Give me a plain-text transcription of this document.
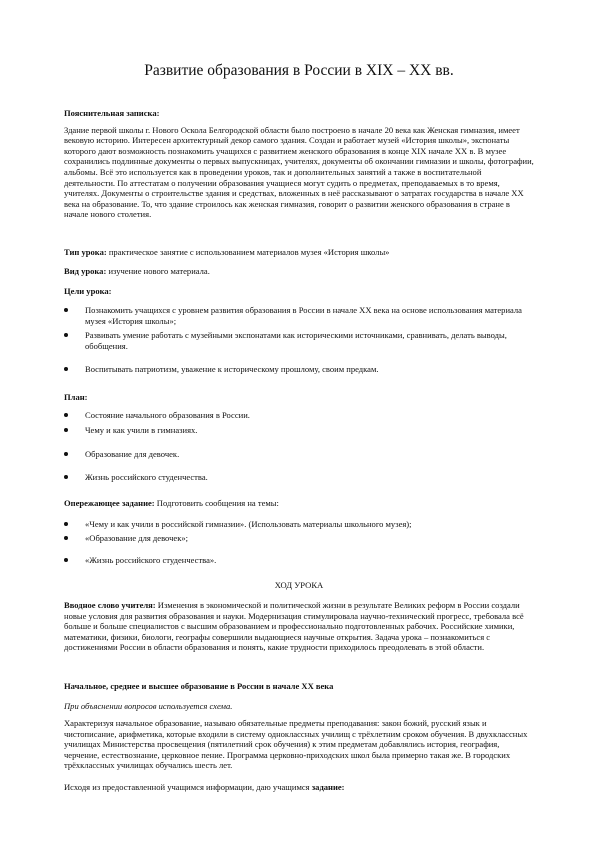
Развитие образования в России в XIX – XX вв.

Пояснительная записка:

Здание первой школы г. Нового Оскола Белгородской области было построено в начале 20 века как Женская гимназия, имеет вековую историю. Интересен архитектурный декор самого здания. Создан и работает музей «История школы», экспонаты которого дают возможность познакомить учащихся с развитием женского образования в конце XIX начале XX в. В музее сохранились подлинные документы о первых выпускницах, учителях, документы об окончании гимназии и школы, фотографии, альбомы. Всё это используется как в проведении уроков, так и дополнительных занятий а также в воспитательной деятельности. По аттестатам о получении образования учащиеся могут судить о предметах, преподаваемых в то время, учителях. Документы о строительстве здания и средствах, вложенных в неё рассказывают о затратах государства в начале XX века на образование. То, что здание строилось как женская гимназия, говорит о развитии женского образования в стране в начале нового столетия.

Тип урока: практическое занятие с использованием материалов музея «История школы»

Вид урока: изучение нового материала.

Цели урока:

Познакомить учащихся с уровнем развития образования в России в начале XX века на основе использования материала музея «История школы»;
Развивать умение работать с музейными экспонатами как историческими источниками, сравнивать, делать выводы, обобщения.
Воспитывать патриотизм, уважение к историческому прошлому, своим предкам.

План:

Состояние начального образования в России.
Чему и как учили в гимназиях.
Образование для девочек.
Жизнь российского студенчества.

Опережающее задание: Подготовить сообщения на темы:

«Чему и как учили в российской гимназии». (Использовать материалы школьного музея);
«Образование для девочек»;
«Жизнь российского студенчества».

ХОД УРОКА

Вводное слово учителя: Изменения в экономической и политической жизни в результате Великих реформ в России создали новые условия для развития образования и науки. Модернизация стимулировала научно-технический прогресс, требовала всё больше и больше специалистов с высшим образованием и профессионально подготовленных рабочих. Российские химики, математики, физики, биологи, географы совершили выдающиеся научные открытия. Задача урока – познакомиться с достижениями России в области образования и понять, какие трудности приходилось преодолевать в этой области.

Начальное, среднее и высшее образование в России в начале XX века

При объяснении вопросов используется схема.

Характеризуя начальное образование, называю обязательные предметы преподавания: закон божий, русский язык и чистописание, арифметика, которые входили в систему одноклассных училищ с трёхлетним сроком обучения. В двухклассных училищах Министерства просвещения (пятилетний срок обучения) к этим предметам добавлялись история, география, черчение, естествознание, церковное пение. Программа церковно-приходских школ была примерно такая же. В городских трёхклассных училищах обучались шесть лет.

Исходя из предоставленной учащимся информации, даю учащимся задание:
